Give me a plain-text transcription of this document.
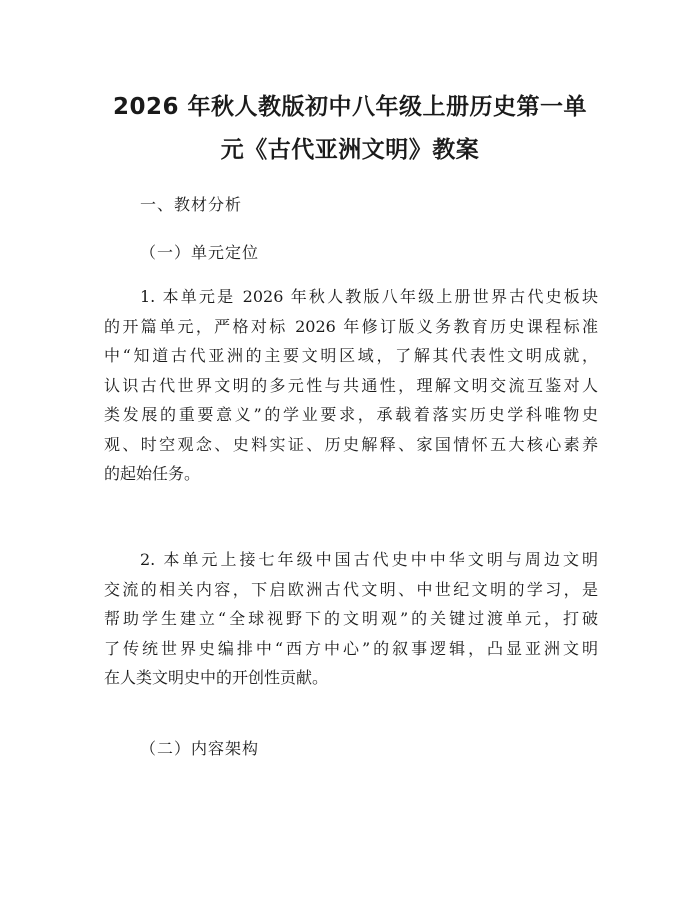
2026 年秋人教版初中八年级上册历史第一单
元《古代亚洲文明》教案
一、教材分析
（一）单元定位
1. 本单元是 2026 年秋人教版八年级上册世界古代史板块
的开篇单元，严格对标 2026 年修订版义务教育历史课程标准
中“知道古代亚洲的主要文明区域，了解其代表性文明成就，
认识古代世界文明的多元性与共通性，理解文明交流互鉴对人
类发展的重要意义”的学业要求，承载着落实历史学科唯物史
观、时空观念、史料实证、历史解释、家国情怀五大核心素养
的起始任务。
2. 本单元上接七年级中国古代史中中华文明与周边文明
交流的相关内容，下启欧洲古代文明、中世纪文明的学习，是
帮助学生建立“全球视野下的文明观”的关键过渡单元，打破
了传统世界史编排中“西方中心”的叙事逻辑，凸显亚洲文明
在人类文明史中的开创性贡献。
（二）内容架构
